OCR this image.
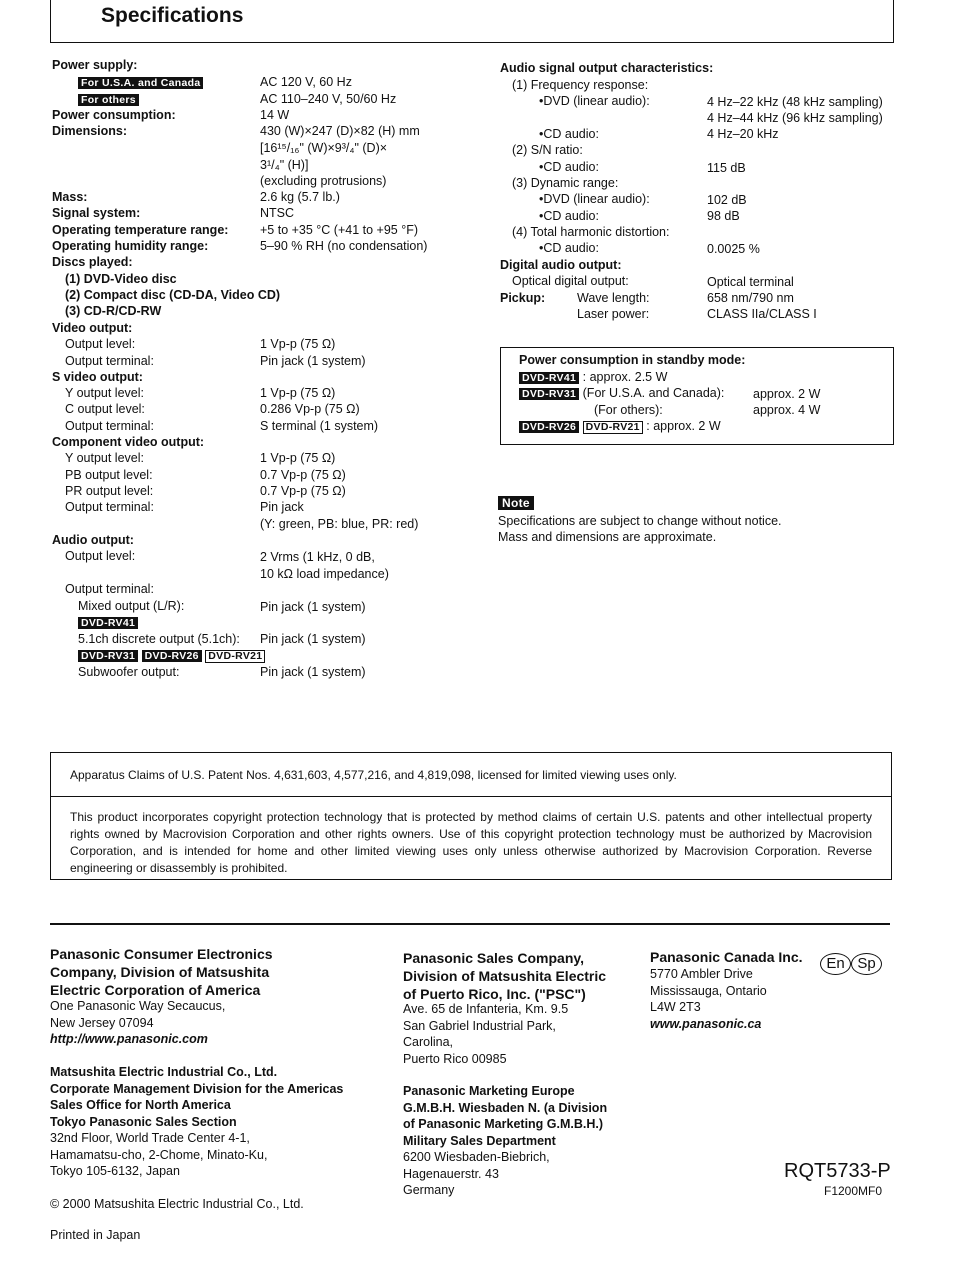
Specifications
Power supply:
For U.S.A. and Canada	AC 120 V, 60 Hz
For others	AC 110–240 V, 50/60 Hz
Power consumption:	14 W
Dimensions:	430 (W)×247 (D)×82 (H) mm
[16¹⁵/₁₆" (W)×9³/₄" (D)×
3¹/₄" (H)]
(excluding protrusions)
Mass:	2.6 kg (5.7 lb.)
Signal system:	NTSC
Operating temperature range:	+5 to +35 °C (+41 to +95 °F)
Operating humidity range:	5–90 % RH (no condensation)
Discs played:
(1) DVD-Video disc
(2) Compact disc (CD-DA, Video CD)
(3) CD-R/CD-RW
Video output:
Output level:	1 Vp-p (75 Ω)
Output terminal:	Pin jack (1 system)
S video output:
Y output level:	1 Vp-p (75 Ω)
C output level:	0.286 Vp-p (75 Ω)
Output terminal:	S terminal (1 system)
Component video output:
Y output level:	1 Vp-p (75 Ω)
PB output level:	0.7 Vp-p (75 Ω)
PR output level:	0.7 Vp-p (75 Ω)
Output terminal:	Pin jack
(Y: green, PB: blue, PR: red)
Audio output:
Output level:	2 Vrms (1 kHz, 0 dB,
10 kΩ load impedance)
Output terminal:
Mixed output (L/R):	Pin jack (1 system)
DVD-RV41
5.1ch discrete output (5.1ch): Pin jack (1 system)
DVD-RV31 DVD-RV26 DVD-RV21
Subwoofer output:	Pin jack (1 system)
Audio signal output characteristics:
(1) Frequency response:
•DVD (linear audio):	4 Hz–22 kHz (48 kHz sampling)
4 Hz–44 kHz (96 kHz sampling)
•CD audio:	4 Hz–20 kHz
(2) S/N ratio:
•CD audio:	115 dB
(3) Dynamic range:
•DVD (linear audio):	102 dB
•CD audio:	98 dB
(4) Total harmonic distortion:
•CD audio:	0.0025 %
Digital audio output:
Optical digital output:	Optical terminal
Pickup:	Wave length:	658 nm/790 nm
Laser power:	CLASS IIa/CLASS I
Power consumption in standby mode:
DVD-RV41 : approx. 2.5 W
DVD-RV31 (For U.S.A. and Canada): approx. 2 W
(For others):	approx. 4 W
DVD-RV26 DVD-RV21 : approx. 2 W
Note
Specifications are subject to change without notice.
Mass and dimensions are approximate.
Apparatus Claims of U.S. Patent Nos. 4,631,603, 4,577,216, and 4,819,098, licensed for limited viewing uses only.
This product incorporates copyright protection technology that is protected by method claims of certain U.S. patents and other intellectual property rights owned by Macrovision Corporation and other rights owners. Use of this copyright protection technology must be authorized by Macrovision Corporation, and is intended for home and other limited viewing uses only unless otherwise authorized by Macrovision Corporation. Reverse engineering or disassembly is prohibited.
Panasonic Consumer Electronics
Company, Division of Matsushita
Electric Corporation of America
One Panasonic Way Secaucus,
New Jersey 07094
http://www.panasonic.com
Matsushita Electric Industrial Co., Ltd.
Corporate Management Division for the Americas
Sales Office for North America
Tokyo Panasonic Sales Section
32nd Floor, World Trade Center 4-1,
Hamamatsu-cho, 2-Chome, Minato-Ku,
Tokyo 105-6132, Japan
© 2000 Matsushita Electric Industrial Co., Ltd.
Printed in Japan
Panasonic Sales Company,
Division of Matsushita Electric
of Puerto Rico, Inc. ("PSC")
Ave. 65 de Infanteria, Km. 9.5
San Gabriel Industrial Park,
Carolina,
Puerto Rico 00985
Panasonic Marketing Europe
G.M.B.H. Wiesbaden N. (a Division
of Panasonic Marketing G.M.B.H.)
Military Sales Department
6200 Wiesbaden-Biebrich,
Hagenauerstr. 43
Germany
Panasonic Canada Inc.	En Sp
5770 Ambler Drive
Mississauga, Ontario
L4W 2T3
www.panasonic.ca
RQT5733-P
F1200MF0
